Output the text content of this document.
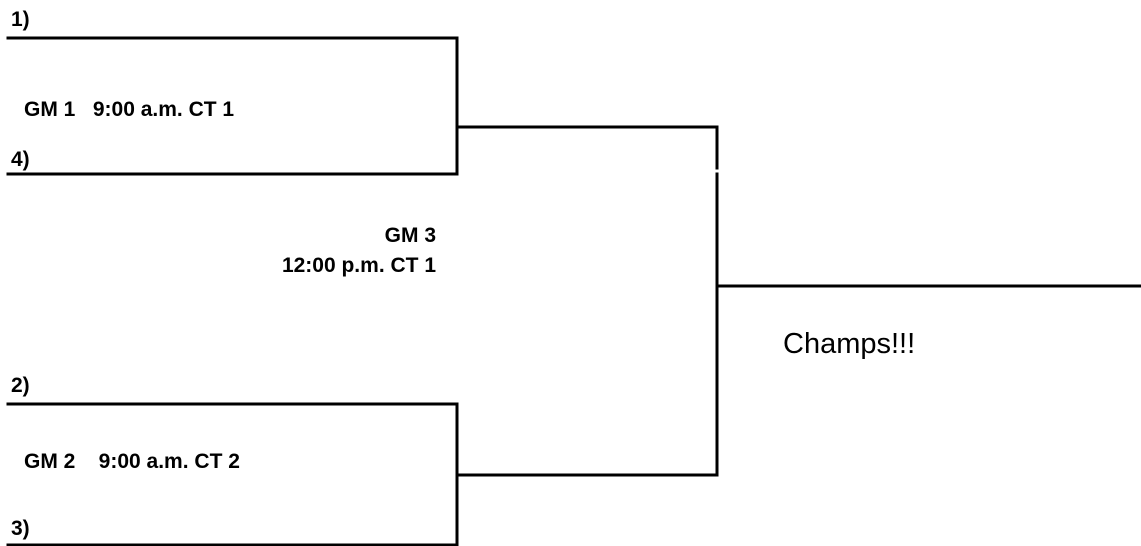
1)
GM 1   9:00 a.m. CT 1
4)
GM 3
12:00 p.m. CT 1
Champs!!!
2)
GM 2    9:00 a.m. CT 2
3)
